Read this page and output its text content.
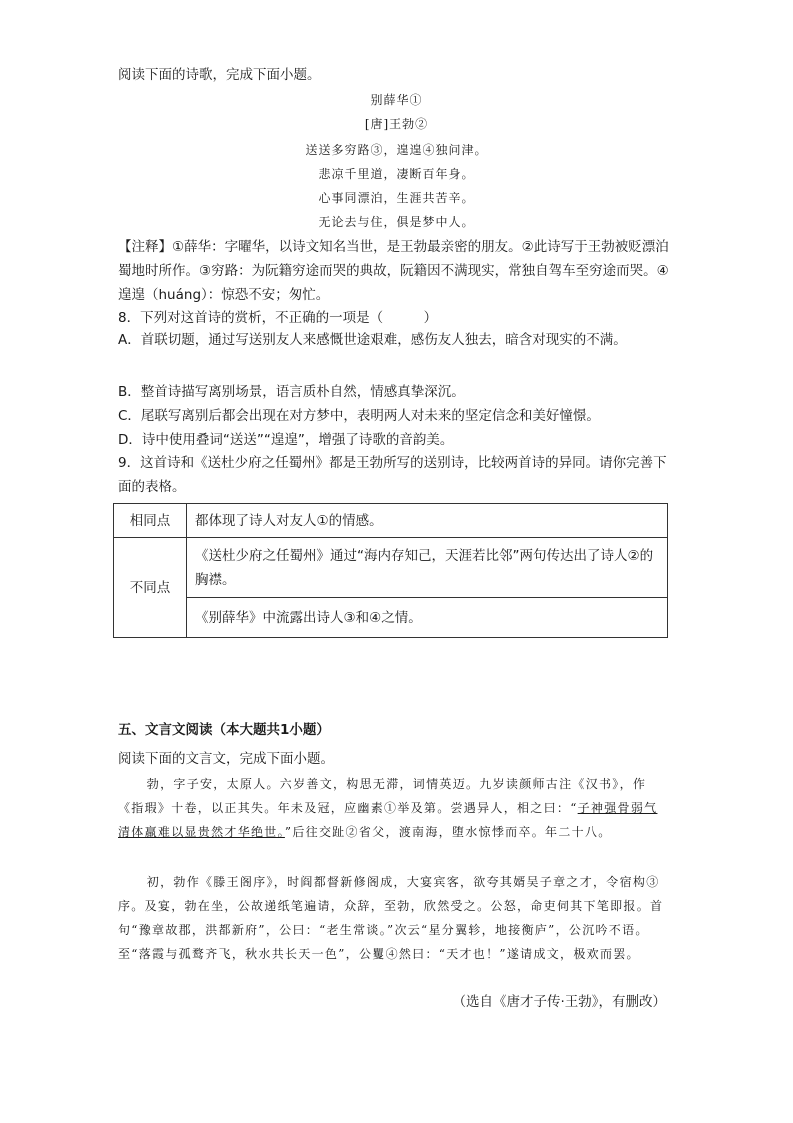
阅读下面的诗歌，完成下面小题。
别薛华①
[唐]王勃②
送送多穷路③，遑遑④独问津。
悲凉千里道，凄断百年身。
心事同漂泊，生涯共苦辛。
无论去与住，俱是梦中人。
【注释】①薛华：字曜华，以诗文知名当世，是王勃最亲密的朋友。②此诗写于王勃被贬漂泊蜀地时所作。③穷路：为阮籍穷途而哭的典故，阮籍因不满现实，常独自驾车至穷途而哭。④遑遑（huáng）：惊恐不安；匆忙。
8．下列对这首诗的赏析，不正确的一项是（　　　）
A．首联切题，通过写送别友人来感慨世途艰难，感伤友人独去，暗含对现实的不满。
B．整首诗描写离别场景，语言质朴自然，情感真挚深沉。
C．尾联写离别后都会出现在对方梦中，表明两人对未来的坚定信念和美好憧憬。
D．诗中使用叠词“送送”“遑遑”，增强了诗歌的音韵美。
9．这首诗和《送杜少府之任蜀州》都是王勃所写的送别诗，比较两首诗的异同。请你完善下面的表格。
相同点	都体现了诗人对友人①的情感。
不同点	《送杜少府之任蜀州》通过“海内存知己，天涯若比邻”两句传达出了诗人②的胸襟。
	《别薛华》中流露出诗人③和④之情。
五、文言文阅读（本大题共1小题）
阅读下面的文言文，完成下面小题。
勃，字子安，太原人。六岁善文，构思无滞，词情英迈。九岁读颜师古注《汉书》，作《指瑕》十卷，以正其失。年未及冠，应幽素①举及第。尝遇异人，相之曰：“子神强骨弱气清体羸难以显贵然才华绝世。”后往交趾②省父，渡南海，堕水惊悸而卒。年二十八。
初，勃作《滕王阁序》，时阎都督新修阁成，大宴宾客，欲夸其婿吴子章之才，令宿构③序。及宴，勃在坐，公故递纸笔遍请，众辞，至勃，欣然受之。公怒，命吏伺其下笔即报。首句“豫章故郡，洪都新府”，公曰：“老生常谈。”次云“星分翼轸，地接衡庐”，公沉吟不语。至“落霞与孤鹜齐飞，秋水共长天一色”，公矍④然曰：“天才也！”遂请成文，极欢而罢。
（选自《唐才子传·王勃》，有删改）
